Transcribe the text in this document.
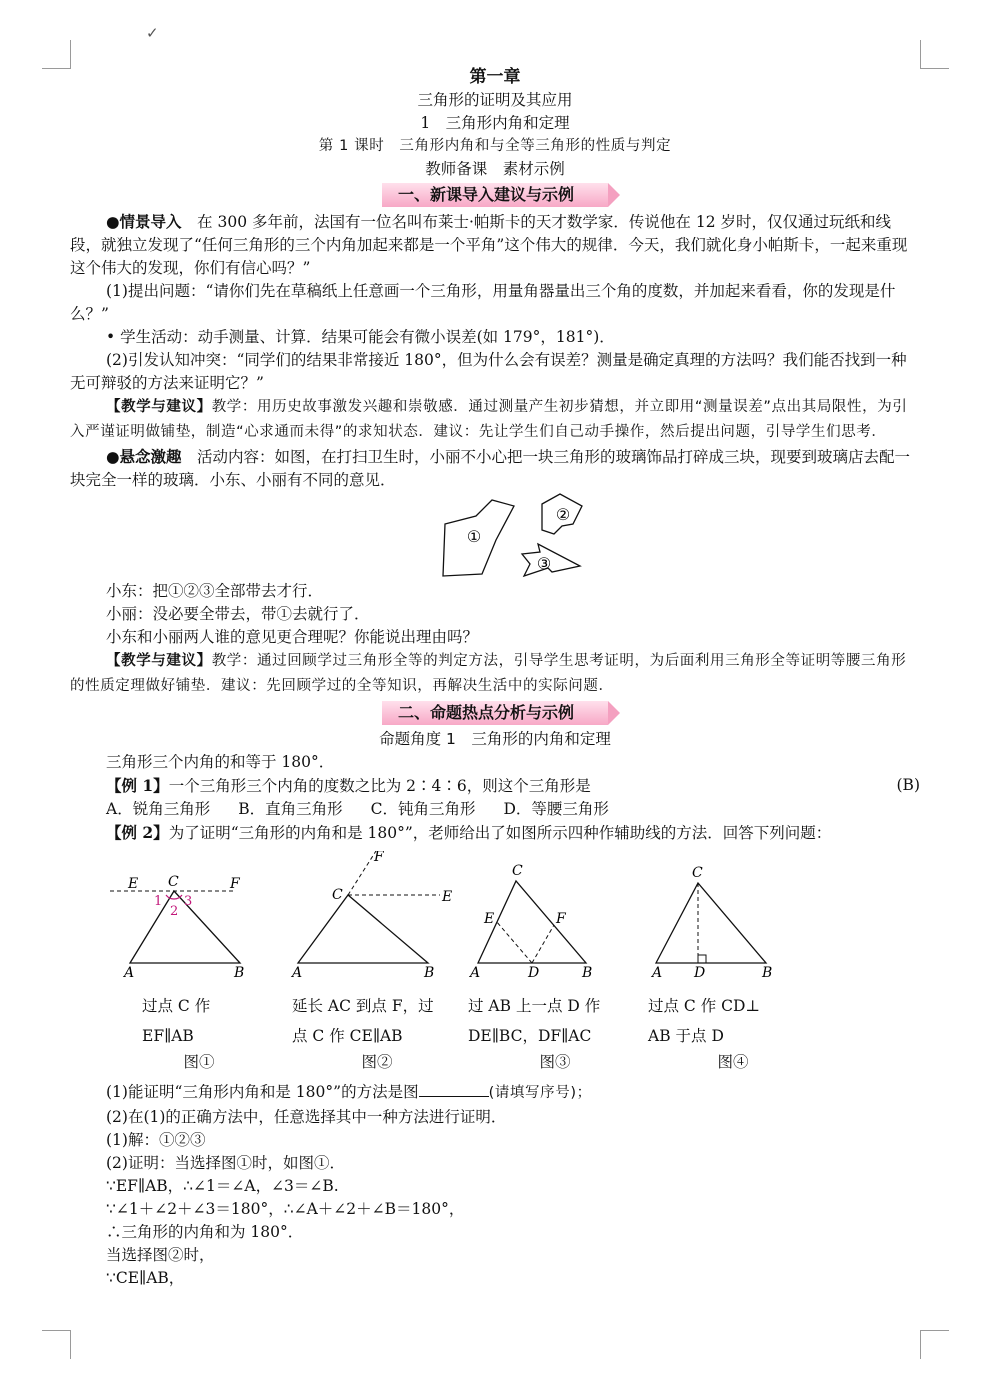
✓

第一章

三角形的证明及其应用

1　三角形内角和定理

第 1 课时　三角形内角和与全等三角形的性质与判定

教师备课　素材示例

一、新课导入建议与示例

●情景导入　 在 300 多年前，法国有一位名叫布莱士·帕斯卡的天才数学家．传说他在 12 岁时，仅仅通过玩纸和线段，就独立发现了“任何三角形的三个内角加起来都是一个平角”这个伟大的规律．今天，我们就化身小帕斯卡，一起来重现这个伟大的发现，你们有信心吗？”

(1)提出问题：“请你们先在草稿纸上任意画一个三角形，用量角器量出三个角的度数，并加起来看看，你的发现是什么？”

• 学生活动：动手测量、计算．结果可能会有微小误差(如 179°，181°)．

(2)引发认知冲突：“同学们的结果非常接近 180°，但为什么会有误差？测量是确定真理的方法吗？我们能否找到一种无可辩驳的方法来证明它？”

【教学与建议】教学：用历史故事激发兴趣和崇敬感．通过测量产生初步猜想，并立即用“测量误差”点出其局限性，为引入严谨证明做铺垫，制造“心求通而未得”的求知状态．建议：先让学生们自己动手操作，然后提出问题，引导学生们思考．

●悬念激趣　 活动内容：如图，在打扫卫生时，小丽不小心把一块三角形的玻璃饰品打碎成三块，现要到玻璃店去配一块完全一样的玻璃．小东、小丽有不同的意见．

①
②
③

小东：把①②③全部带去才行．

小丽：没必要全带去，带①去就行了．

小东和小丽两人谁的意见更合理呢？你能说出理由吗？

【教学与建议】教学：通过回顾学过三角形全等的判定方法，引导学生思考证明，为后面利用三角形全等证明等腰三角形的性质定理做好铺垫．建议：先回顾学过的全等知识，再解决生活中的实际问题．

二、命题热点分析与示例

命题角度 1　三角形的内角和定理

三角形三个内角的和等于 180°．

【例 1】一个三角形三个内角的度数之比为 2∶4∶6，则这个三角形是	(B)

A．锐角三角形 B．直角三角形 C．钝角三角形 D．等腰三角形

【例 2】为了证明“三角形的内角和是 180°”，老师给出了如图所示四种作辅助线的方法．回答下列问题：

E C	F
1
2
3
A	B
过点 C 作
EF∥AB
图①
F
C	E
A	B
延长 AC 到点 F，过
点 C 作 CE∥AB
图②
C
E	F
A	D	B
过 AB 上一点 D 作
DE∥BC，DF∥AC
图③
C
A D	B
过点 C 作 CD⊥
AB 于点 D
图④

(1)能证明“三角形内角和是 180°”的方法是图	(请填写序号)；

(2)在(1)的正确方法中，任意选择其中一种方法进行证明．

(1)解：①②③

(2)证明：当选择图①时，如图①．

∵EF∥AB，∴∠1＝∠A，∠3＝∠B.

∵∠1＋∠2＋∠3＝180°，∴∠A＋∠2＋∠B＝180°，

∴三角形的内角和为 180°．

当选择图②时，

∵CE∥AB，
